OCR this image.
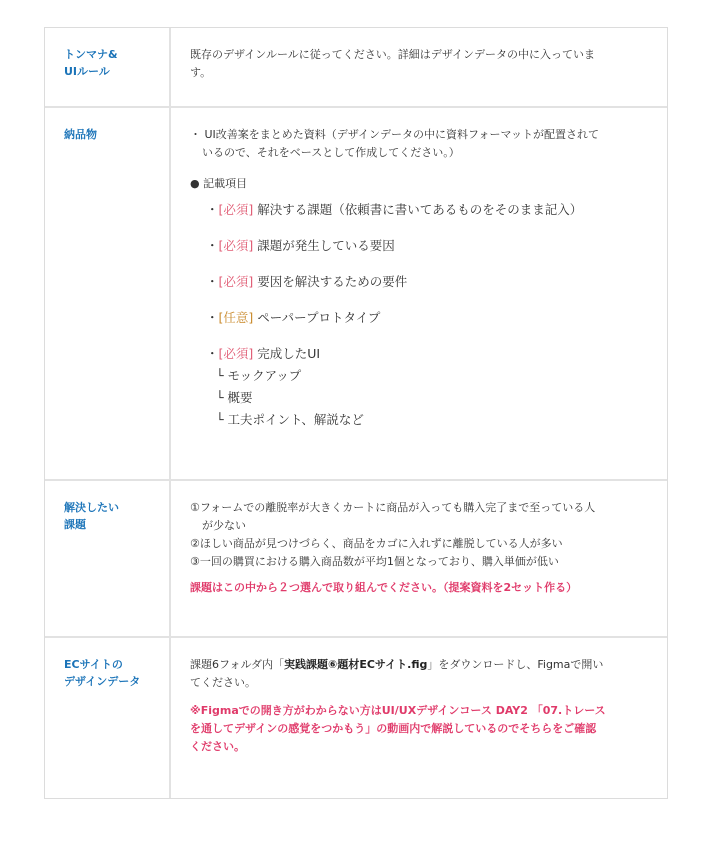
トンマナ&
UIルール
既存のデザインルールに従ってください。詳細はデザインデータの中に入っていま
す。
納品物	・ UI改善案をまとめた資料（デザインデータの中に資料フォーマットが配置されて
いるので、それをベースとして作成してください。）
● 記載項目
・[必須] 解決する課題（依頼書に書いてあるものをそのまま記入）
・[必須] 課題が発生している要因
・[必須] 要因を解決するための要件
・[任意] ペーパープロトタイプ
・[必須] 完成したUI
└ モックアップ
└ 概要
└ 工夫ポイント、解説など
解決したい
課題
①フォームでの離脱率が大きくカートに商品が入っても購入完了まで至っている人
が少ない
②ほしい商品が見つけづらく、商品をカゴに入れずに離脱している人が多い
③一回の購買における購入商品数が平均1個となっており、購入単価が低い
課題はこの中から２つ選んで取り組んでください。（提案資料を2セット作る）
ECサイトの
デザインデータ
課題6フォルダ内「実践課題⑥題材ECサイト.fig」をダウンロードし、Figmaで開い
てください。
※Figmaでの開き方がわからない方はUI/UXデザインコース DAY2 「07.トレース
を通してデザインの感覚をつかもう」の動画内で解説しているのでそちらをご確認
ください。
